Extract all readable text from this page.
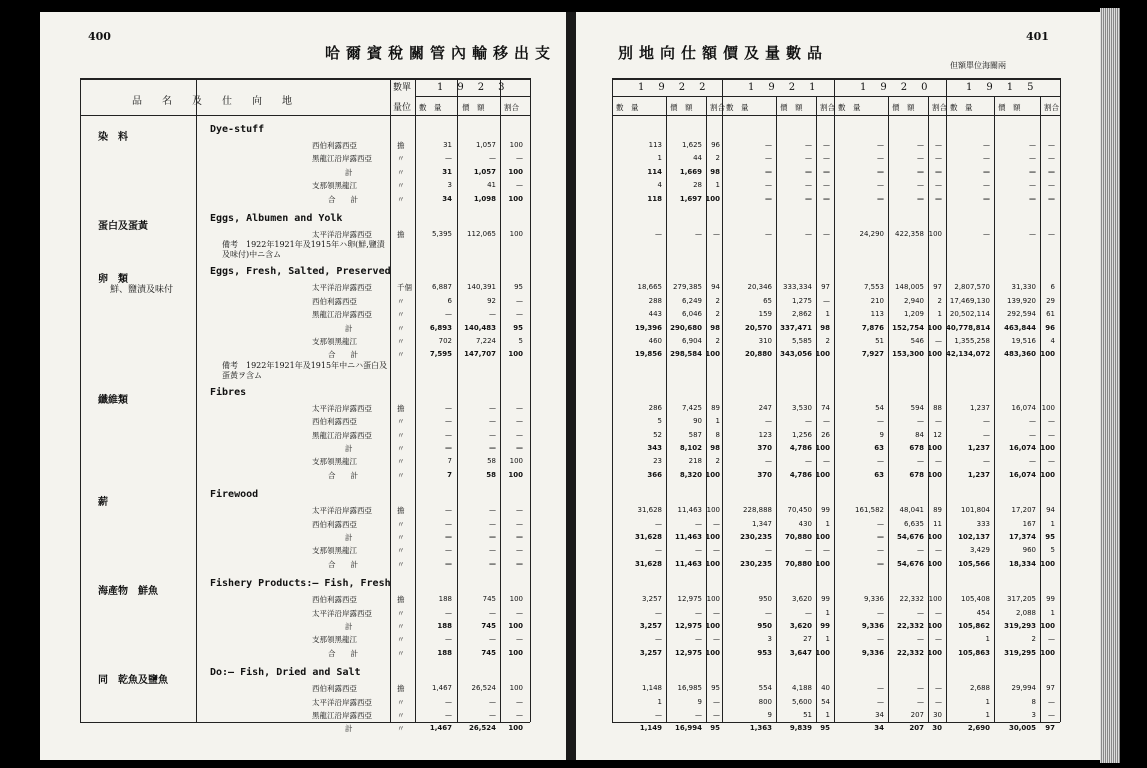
400
哈爾賓稅關管內輸移出支
401
別地向仕額價及量數品
但額單位海關兩
品　　名　　及　　仕　　向　　地
數單
量位
1923	1922	1921	1920 1915
數　量	價　額	割合	數　量	價　額 割合 數　量	價　額 割合 數　量	價　額 割合 數　量	價　額	割合
染　料
Dye-stuff
西伯利露西亞	擔	31	1,057	100	113	1,625	96	—	—	—	—	—	—	—	—	—
黑龍江沿岸露西亞	〃	—	—	—	1	44	2	—	—	—	—	—	—	—	—	—
計	〃	31	1,057	100	114	1,669	98	—	—	—	—	—	—	—	—	—
支那領黑龍江	〃	3	41	—	4	28	1	—	—	—	—	—	—	—	—	—
合　　計	〃	34	1,098	100	118	1,697 100	—	—	—	—	—	—	—	—	—
蛋白及蛋黃
Eggs, Albumen and Yolk
太平洋沿岸露西亞	擔	5,395	112,065	100	—	—	—	—	—	—	24,290	422,358 100	—	—	—
備考　1922年1921年及1915年ハ卵(鮮,鹽漬及味付)中ニ含ム
卵　類
Eggs, Fresh, Salted, Preserved
鮮、鹽漬及味付	太平洋沿岸露西亞	千個	6,887	140,391	95	18,665	279,385	94	20,346	333,334	97	7,553	148,005	97	2,807,570	31,330	6
西伯利露西亞	〃	6	92	—	288	6,249	2	65	1,275	—	210	2,940	2	17,469,130	139,920	29
黑龍江沿岸露西亞	〃	—	—	—	443	6,046	2	159	2,862	1	113	1,209	1	20,502,114	292,594	61
計	〃	6,893	140,483	95	19,396	290,680	98	20,570	337,471	98	7,876	152,754 100 40,778,814	463,844	96
支那領黑龍江	〃	702	7,224	5	460	6,904	2	310	5,585	2	51	546	—	1,355,258	19,516	4
合　　計	〃	7,595	147,707	100	19,856	298,584 100	20,880	343,056 100	7,927	153,300 100 42,134,072	483,360 100
備考　1922年1921年及1915年中ニハ蛋白及蛋黃ヲ含ム
纖維類
Fibres
太平洋沿岸露西亞	擔	—	—	—	286	7,425	89	247	3,530	74	54	594	88	1,237	16,074 100
西伯利露西亞	〃	—	—	—	5	90	1	—	—	—	—	—	—	—	—	—
黑龍江沿岸露西亞	〃	—	—	—	52	587	8	123	1,256	26	9	84	12	—	—	—
計	〃	—	—	—	343	8,102	98	370	4,786 100	63	678 100	1,237	16,074 100
支那領黑龍江	〃	7	58	100	23	218	2	—	—	—	—	—	—	—	—	—
合　　計	〃	7	58	100	366	8,320 100	370	4,786 100	63	678 100	1,237	16,074 100
薪
Firewood
太平洋沿岸露西亞	擔	—	—	—	31,628	11,463 100	228,888	70,450	99	161,582	48,041	89	101,804	17,207	94
西伯利露西亞	〃	—	—	—	—	—	—	1,347	430	1	—	6,635	11	333	167	1
計	〃	—	—	—	31,628	11,463 100	230,235	70,880 100	—	54,676 100	102,137	17,374	95
支那領黑龍江	〃	—	—	—	—	—	—	—	—	—	—	—	—	3,429	960	5
合　　計	〃	—	—	—	31,628	11,463 100	230,235	70,880 100	—	54,676 100	105,566	18,334 100
海產物　鮮魚
Fishery Products:— Fish, Fresh
西伯利露西亞	擔	188	745	100	3,257	12,975 100	950	3,620	99	9,336	22,332 100	105,408	317,205	99
太平洋沿岸露西亞	〃	—	—	—	—	—	—	—	—	1	—	—	—	454	2,088	1
計	〃	188	745	100	3,257	12,975 100	950	3,620	99	9,336	22,332 100	105,862	319,293 100
支那領黑龍江	〃	—	—	—	—	—	—	3	27	1	—	—	—	1	2	—
合　　計	〃	188	745	100	3,257	12,975 100	953	3,647 100	9,336	22,332 100	105,863	319,295 100
同　乾魚及鹽魚
Do:— Fish, Dried and Salt
西伯利露西亞	擔	1,467	26,524	100	1,148	16,985	95	554	4,188	40	—	—	—	2,688	29,994	97
太平洋沿岸露西亞	〃	—	—	—	1	9	—	800	5,600	54	—	—	—	1	8	—
黑龍江沿岸露西亞	〃	—	—	—	—	—	—	9	51	1	34	207	30	1	3	—
計	〃	1,467	26,524	100	1,149	16,994	95	1,363	9,839	95	34	207	30	2,690	30,005	97
